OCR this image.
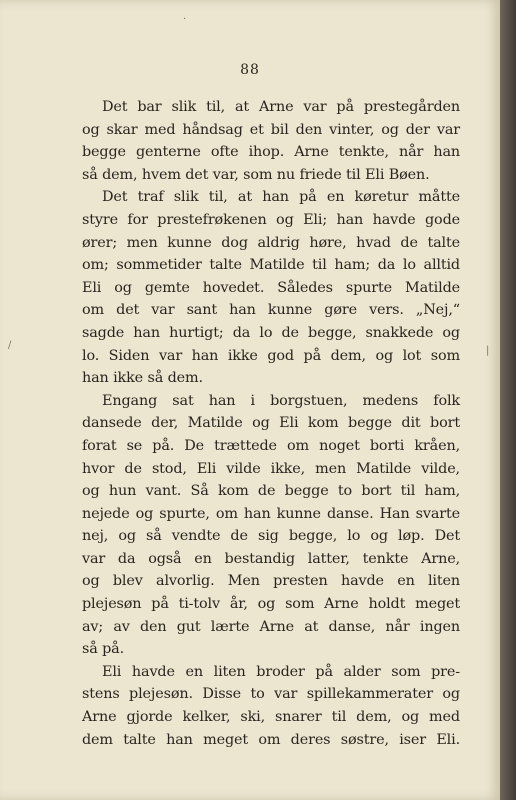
88
Det bar slik til, at Arne var på prestegården
og skar med håndsag et bil den vinter, og der var
begge genterne ofte ihop. Arne tenkte, når han
så dem, hvem det var, som nu friede til Eli Bøen.
Det traf slik til, at han på en køretur måtte
styre for prestefrøkenen og Eli; han havde gode
ører; men kunne dog aldrig høre, hvad de talte
om; sommetider talte Matilde til ham; da lo alltid
Eli og gemte hovedet. Således spurte Matilde
om det var sant han kunne gøre vers. „Nej,“
sagde han hurtigt; da lo de begge, snakkede og
lo. Siden var han ikke god på dem, og lot som
han ikke så dem.
Engang sat han i borgstuen, medens folk
dansede der, Matilde og Eli kom begge dit bort
forat se på. De trættede om noget borti kråen,
hvor de stod, Eli vilde ikke, men Matilde vilde,
og hun vant. Så kom de begge to bort til ham,
nejede og spurte, om han kunne danse. Han svarte
nej, og så vendte de sig begge, lo og løp. Det
var da også en bestandig latter, tenkte Arne,
og blev alvorlig. Men presten havde en liten
plejesøn på ti-tolv år, og som Arne holdt meget
av; av den gut lærte Arne at danse, når ingen
så på.
Eli havde en liten broder på alder som pre-
stens plejesøn. Disse to var spillekammerater og
Arne gjorde kelker, ski, snarer til dem, og med
dem talte han meget om deres søstre, iser Eli.
·
/	|
